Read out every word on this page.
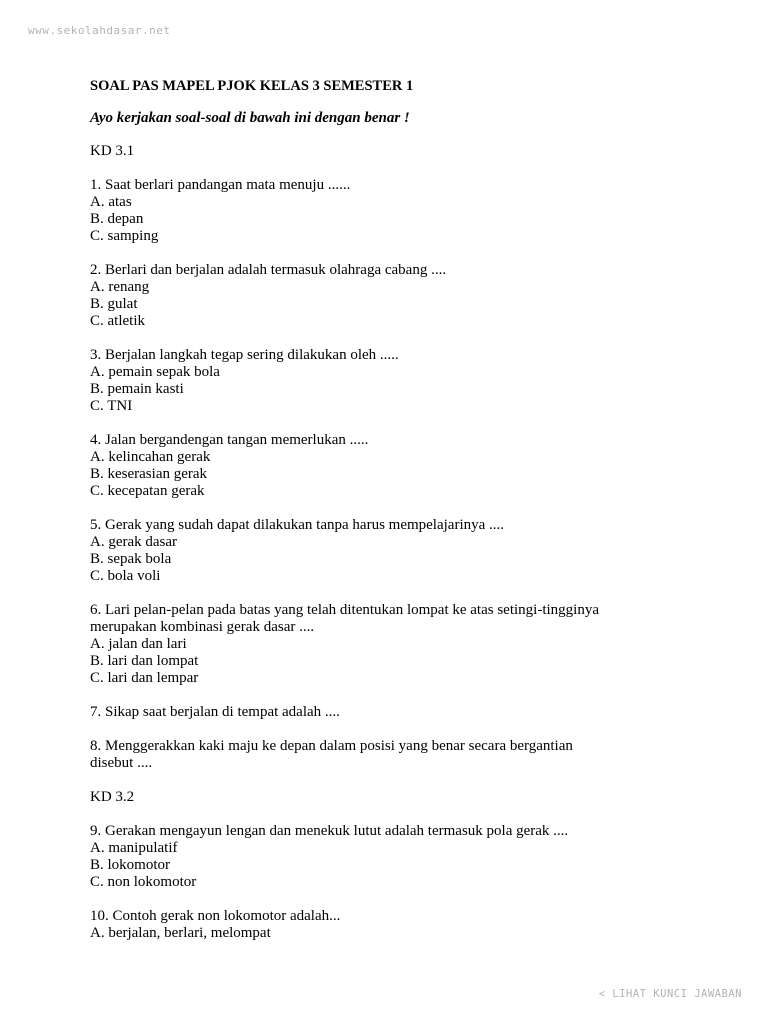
www.sekolahdasar.net
SOAL PAS MAPEL PJOK KELAS 3 SEMESTER 1
Ayo kerjakan soal-soal di bawah ini dengan benar !
KD 3.1
1. Saat berlari pandangan mata menuju ......
A. atas
B. depan
C. samping
2. Berlari dan berjalan adalah termasuk olahraga cabang ....
A. renang
B. gulat
C. atletik
3. Berjalan langkah tegap sering dilakukan oleh .....
A. pemain sepak bola
B. pemain kasti
C. TNI
4. Jalan bergandengan tangan memerlukan .....
A. kelincahan gerak
B. keserasian gerak
C. kecepatan gerak
5. Gerak yang sudah dapat dilakukan tanpa harus mempelajarinya ....
A. gerak dasar
B. sepak bola
C. bola voli
6. Lari pelan-pelan pada batas yang telah ditentukan lompat ke atas setingi-tingginya
merupakan kombinasi gerak dasar ....
A. jalan dan lari
B. lari dan lompat
C. lari dan lempar
7. Sikap saat berjalan di tempat adalah ....
8. Menggerakkan kaki maju ke depan dalam posisi yang benar secara bergantian
disebut ....
KD 3.2
9. Gerakan mengayun lengan dan menekuk lutut adalah termasuk pola gerak ....
A. manipulatif
B. lokomotor
C. non lokomotor
10. Contoh gerak non lokomotor adalah...
A. berjalan, berlari, melompat
< LIHAT KUNCI JAWABAN
